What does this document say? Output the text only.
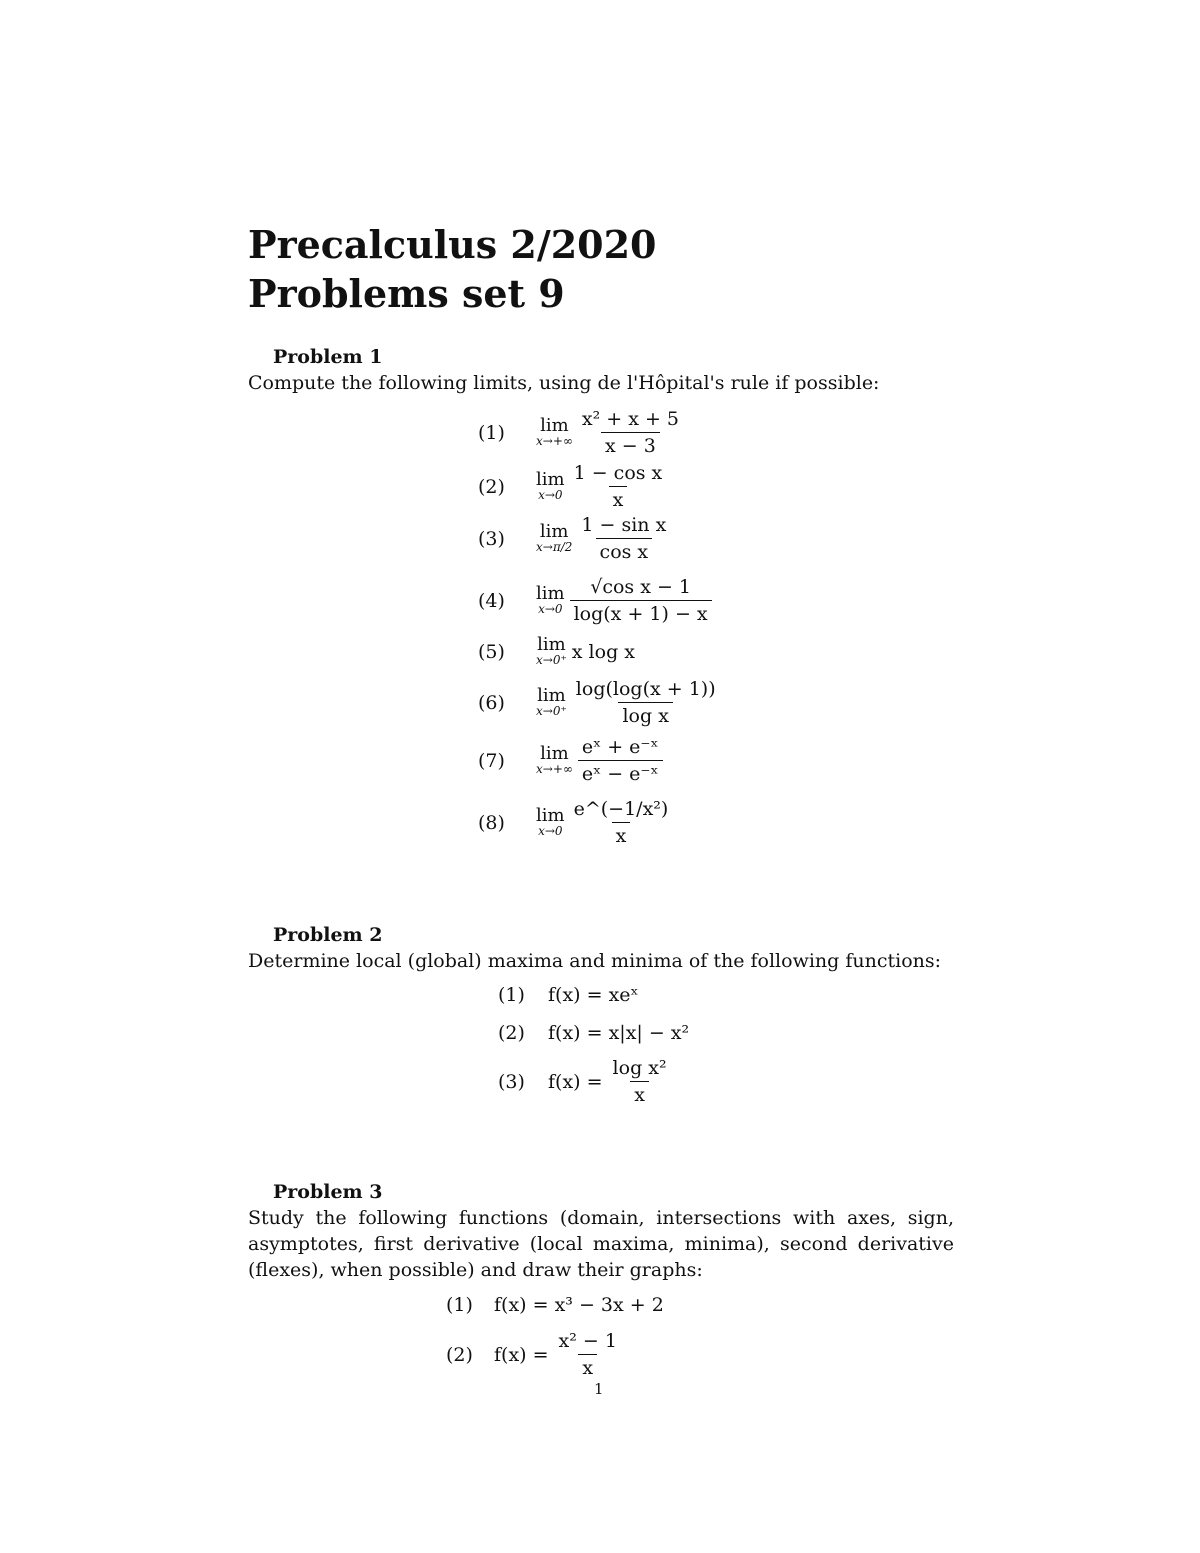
Precalculus 2/2020
Problems set 9
Problem 1
Compute the following limits, using de l'Hôpital's rule if possible:
(1)	lim
$x\to+\infty \frac{\text{x² + x + 5}}{x - 3}$
(2)	lim
$x\to 0 \frac{\text{1 − cos x}}{x}$
(3)	lim
$x\to\pi/2 \frac{\text{1 − sin x}}{\text{cos x}}$
(4)	lim
$x\to 0 \frac{\text{√cos x − 1}}{\log(x + 1) - x}$
(5)	lim
x→0⁺ x log x
(6)	lim
$x\to 0^+ \frac{\log(\log(x + 1))}{\text{log x}}$
(7)	lim
$x\to+\infty \frac{\text{eˣ + e⁻ˣ}}{\text{eˣ − e⁻ˣ}}$
(8)	lim
$x\to 0 \frac{\text{e\textasciicircum{}(−1/x²)}}{x}$
Problem 2
Determine local (global) maxima and minima of the following functions:
(1)	f(x) = xeˣ
(2)	f(x) = x|x| − x²
(3)	$f(x) = \frac{\text{log x²}}{x}$
Problem 3
Study the following functions (domain, intersections with axes, sign, asymptotes, first derivative (local maxima, minima), second derivative (flexes), when possible) and draw their graphs:
(1)	f(x) = x³ − 3x + 2
(2)	$f(x) = \frac{\text{x² − 1}}{x}$
1
